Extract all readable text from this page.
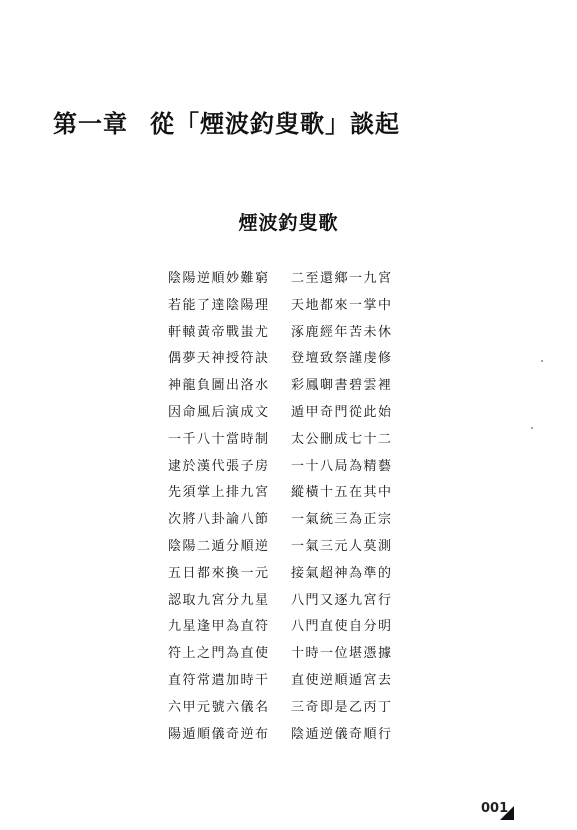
第一章 從「煙波釣叟歌」談起
煙波釣叟歌
陰陽逆順妙難窮 二至還鄉一九宮
若能了達陰陽理 天地都來一掌中
軒轅黃帝戰蚩尤 涿鹿經年苦未休
偶夢天神授符訣 登壇致祭謹虔修
神龍負圖出洛水 彩鳳啣書碧雲裡
因命風后演成文 遁甲奇門從此始
一千八十當時制 太公刪成七十二
逮於漢代張子房 一十八局為精藝
先須掌上排九宮 縱橫十五在其中
次將八卦論八節 一氣統三為正宗
陰陽二遁分順逆 一氣三元人莫測
五日都來換一元 接氣超神為準的
認取九宮分九星 八門又逐九宮行
九星逢甲為直符 八門直使自分明
符上之門為直使 十時一位堪憑據
直符常遣加時干 直使逆順遁宮去
六甲元號六儀名 三奇即是乙丙丁
陽遁順儀奇逆布 陰遁逆儀奇順行
001
